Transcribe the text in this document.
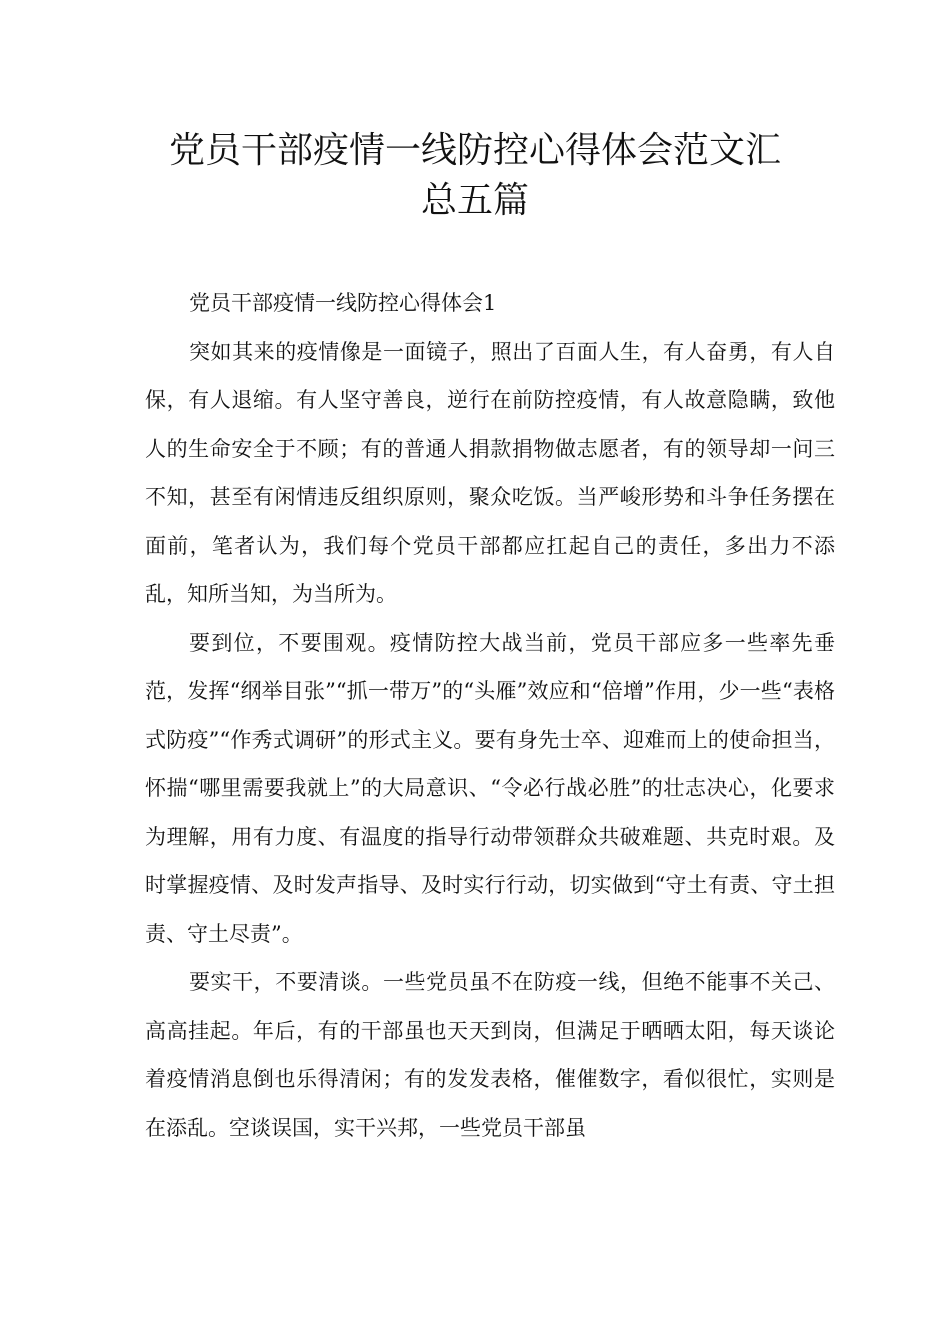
党员干部疫情一线防控心得体会范文汇
总五篇

党员干部疫情一线防控心得体会1

突如其来的疫情像是一面镜子，照出了百面人生，有人奋勇，有人自保，有人退缩。有人坚守善良，逆行在前防控疫情，有人故意隐瞒，致他人的生命安全于不顾；有的普通人捐款捐物做志愿者，有的领导却一问三不知，甚至有闲情违反组织原则，聚众吃饭。当严峻形势和斗争任务摆在面前，笔者认为，我们每个党员干部都应扛起自己的责任，多出力不添乱，知所当知，为当所为。

要到位，不要围观。疫情防控大战当前，党员干部应多一些率先垂范，发挥“纲举目张”“抓一带万”的“头雁”效应和“倍增”作用，少一些“表格式防疫”“作秀式调研”的形式主义。要有身先士卒、迎难而上的使命担当，怀揣“哪里需要我就上”的大局意识、“令必行战必胜”的壮志决心，化要求为理解，用有力度、有温度的指导行动带领群众共破难题、共克时艰。及时掌握疫情、及时发声指导、及时实行行动，切实做到“守土有责、守土担责、守土尽责”。

要实干，不要清谈。一些党员虽不在防疫一线，但绝不能事不关己、高高挂起。年后，有的干部虽也天天到岗，但满足于晒晒太阳，每天谈论着疫情消息倒也乐得清闲；有的发发表格，催催数字，看似很忙，实则是在添乱。空谈误国，实干兴邦，一些党员干部虽
